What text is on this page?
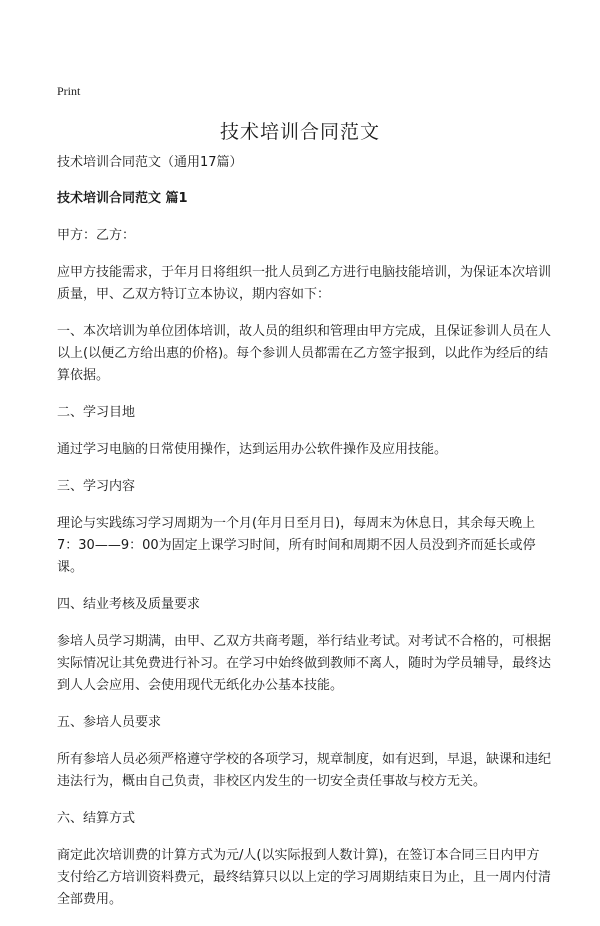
Print
技术培训合同范文

技术培训合同范文（通用17篇）

技术培训合同范文 篇1

甲方：乙方：

应甲方技能需求，于年月日将组织一批人员到乙方进行电脑技能培训，为保证本次培训质量，甲、乙双方特订立本协议，期内容如下：

一、本次培训为单位团体培训，故人员的组织和管理由甲方完成，且保证参训人员在人以上(以便乙方给出惠的价格)。每个参训人员都需在乙方签字报到，以此作为经后的结算依据。

二、学习目地

通过学习电脑的日常使用操作，达到运用办公软件操作及应用技能。

三、学习内容

理论与实践练习学习周期为一个月(年月日至月日)，每周末为休息日，其余每天晚上7：30——9：00为固定上课学习时间，所有时间和周期不因人员没到齐而延长或停课。

四、结业考核及质量要求

参培人员学习期满，由甲、乙双方共商考题，举行结业考试。对考试不合格的，可根据实际情况让其免费进行补习。在学习中始终做到教师不离人，随时为学员辅导，最终达到人人会应用、会使用现代无纸化办公基本技能。

五、参培人员要求

所有参培人员必须严格遵守学校的各项学习，规章制度，如有迟到，早退，缺课和违纪违法行为，概由自己负责，非校区内发生的一切安全责任事故与校方无关。

六、结算方式

商定此次培训费的计算方式为元/人(以实际报到人数计算)，在签订本合同三日内甲方支付给乙方培训资料费元，最终结算只以以上定的学习周期结束日为止，且一周内付清全部费用。
